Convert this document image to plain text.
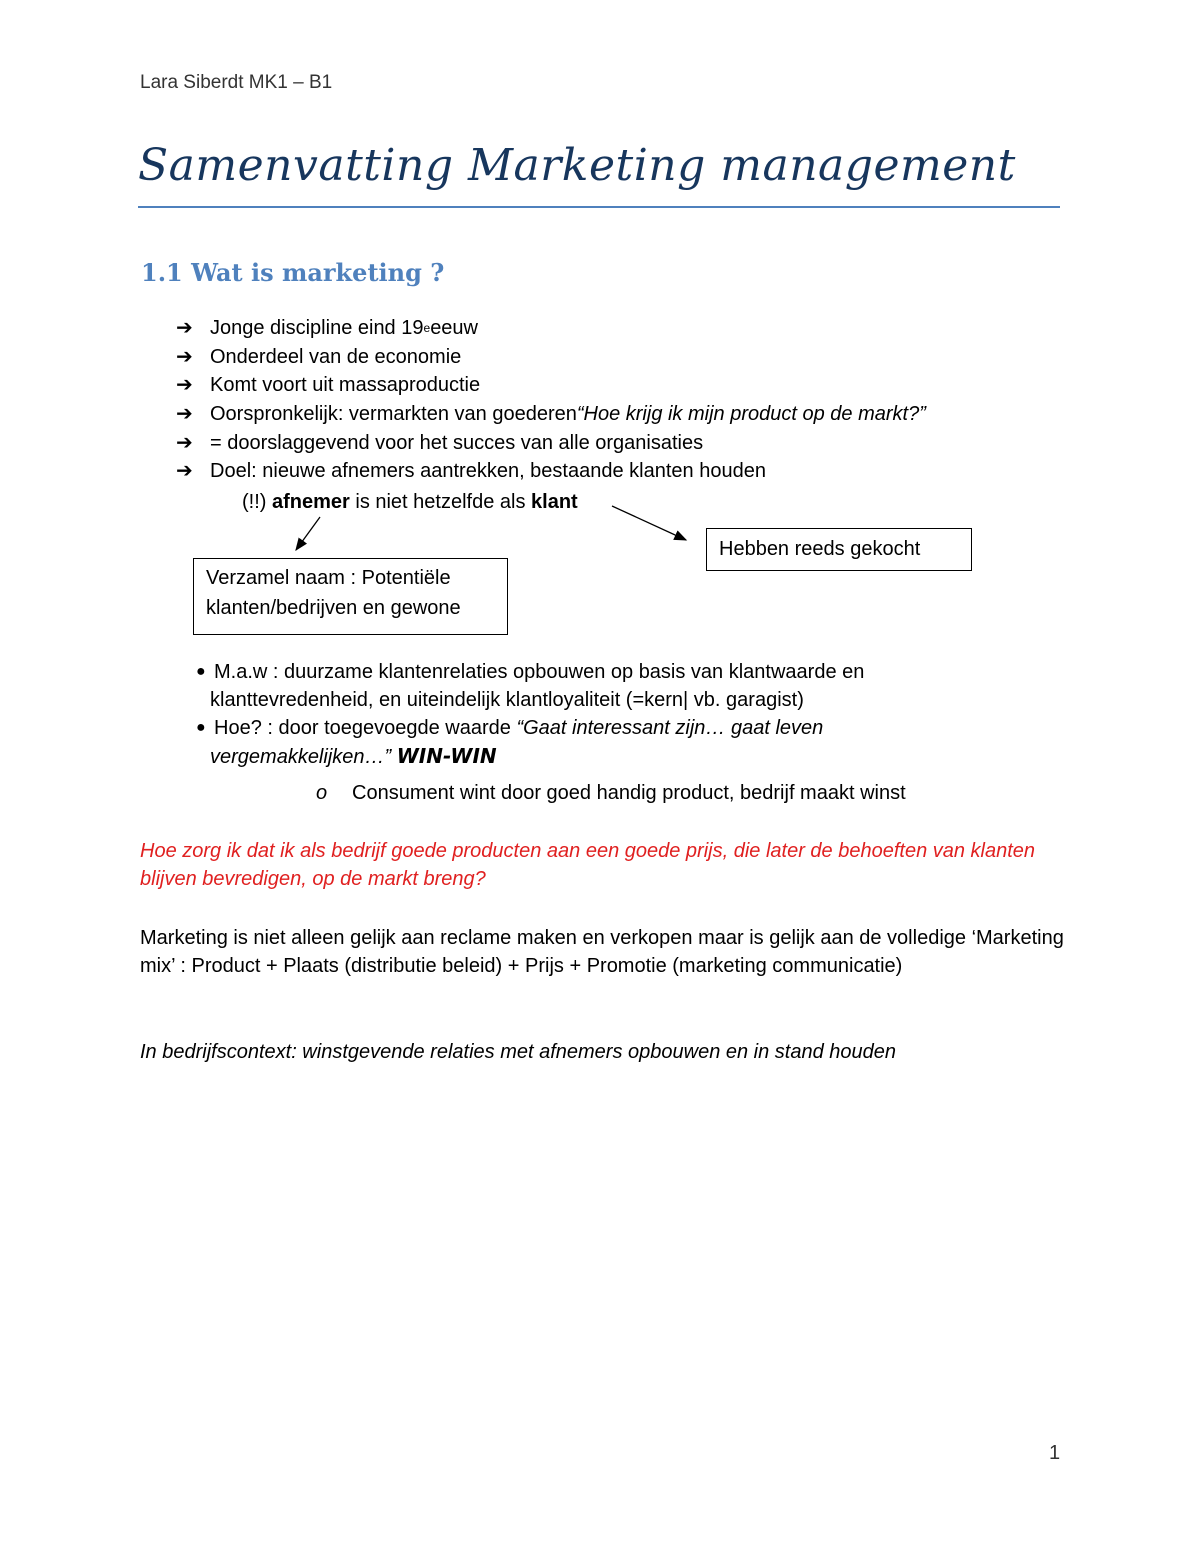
Lara Siberdt MK1 – B1
Samenvatting Marketing management
1.1 Wat is marketing ?
➔ Jonge discipline eind 19 e eeuw
➔ Onderdeel van de economie
➔ Komt voort uit massaproductie
➔ Oorspronkelijk: vermarkten van goederen “Hoe krijg ik mijn product op de markt?”
➔ = doorslaggevend voor het succes van alle organisaties
➔ Doel: nieuwe afnemers aantrekken, bestaande klanten houden
(!!) afnemer is niet hetzelfde als klant
Verzamel naam : Potentiële
klanten/bedrijven en gewone
Hebben reeds gekocht
● M.a.w : duurzame klantenrelaties opbouwen op basis van klantwaarde en
klanttevredenheid, en uiteindelijk klantloyaliteit (=kern| vb. garagist)
● Hoe? : door toegevoegde waarde “Gaat interessant zijn… gaat leven
vergemakkelijken…” WIN-WIN
o Consument wint door goed handig product, bedrijf maakt winst
Hoe zorg ik dat ik als bedrijf goede producten aan een goede prijs, die later de behoeften van klanten blijven bevredigen, op de markt breng?
Marketing is niet alleen gelijk aan reclame maken en verkopen maar is gelijk aan de volledige ‘Marketing mix’ : Product + Plaats (distributie beleid) + Prijs + Promotie (marketing communicatie)
In bedrijfscontext: winstgevende relaties met afnemers opbouwen en in stand houden
1
